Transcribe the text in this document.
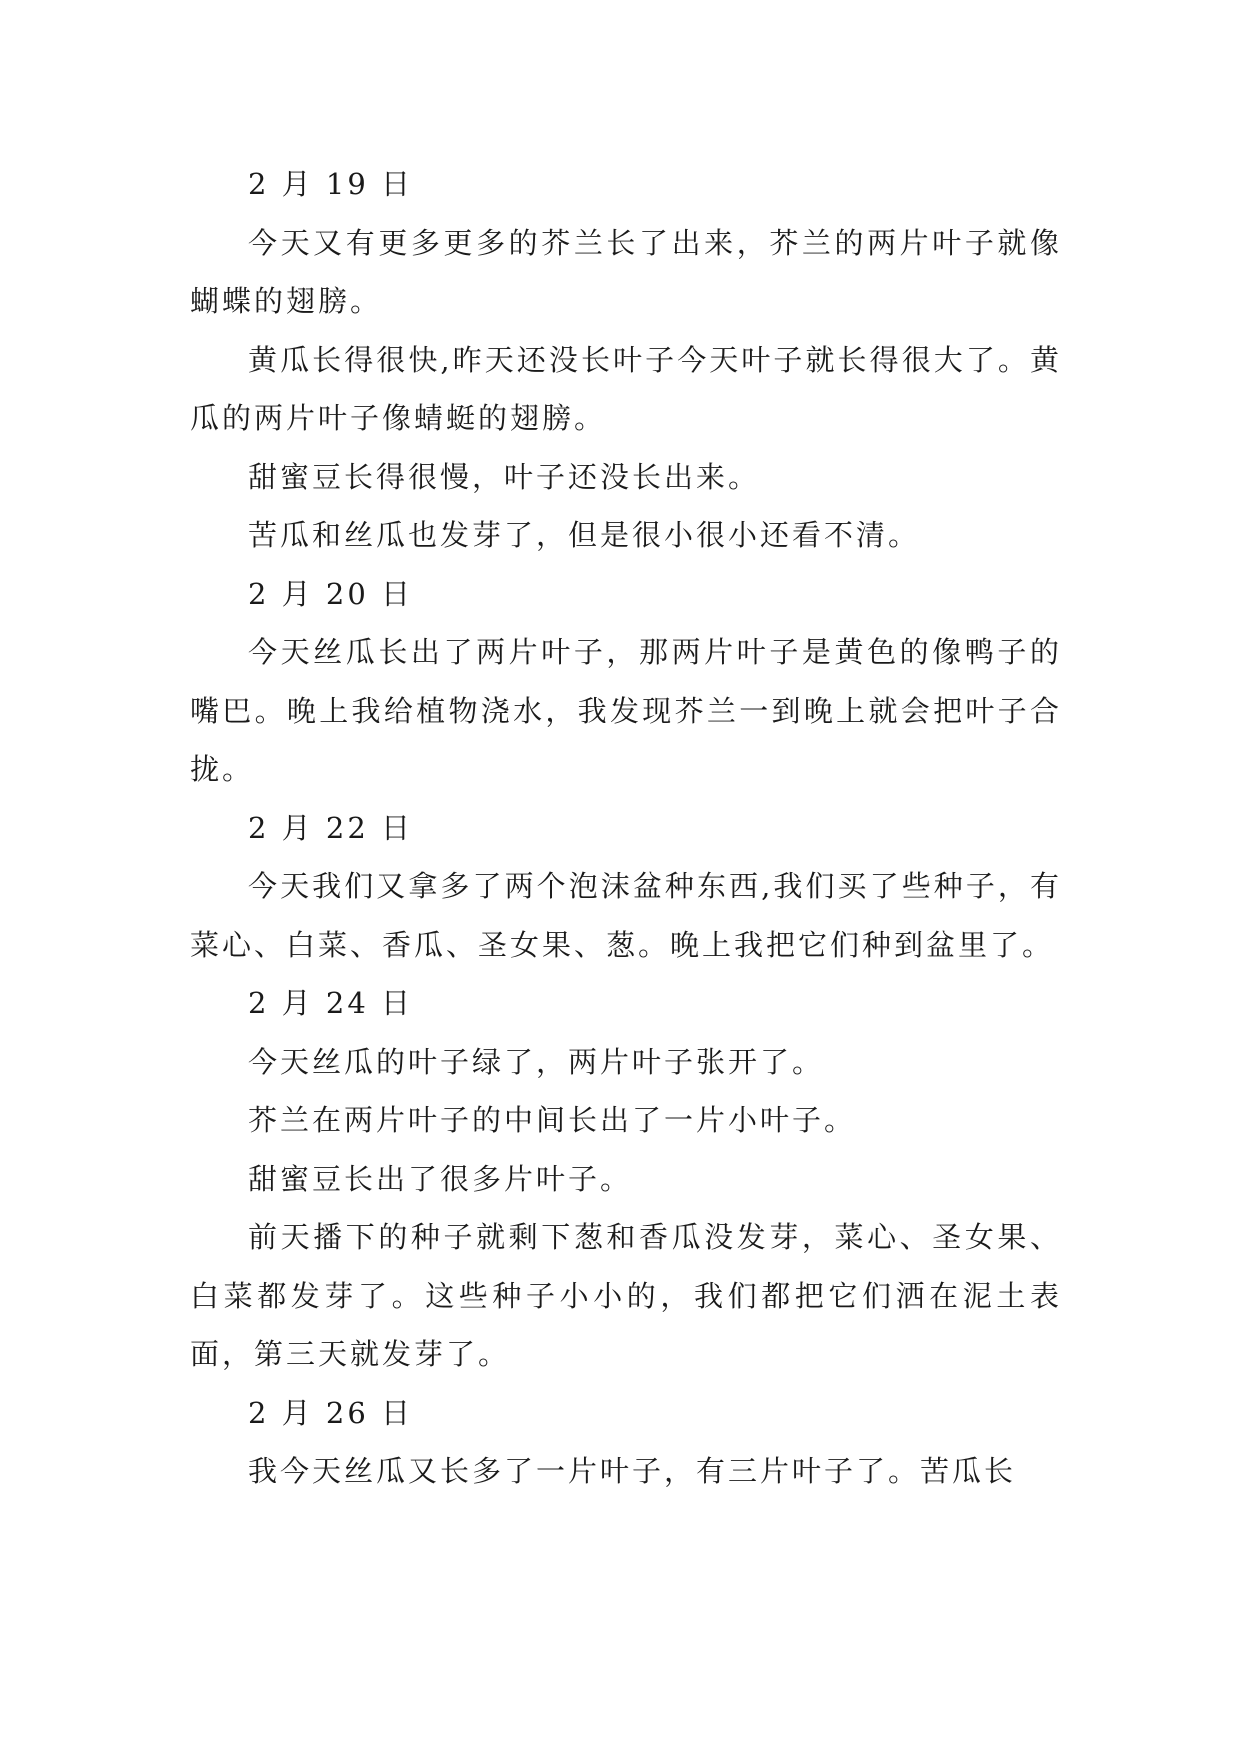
2 月 19 日

今天又有更多更多的芥兰长了出来，芥兰的两片叶子就像蝴蝶的翅膀。

黄瓜长得很快,昨天还没长叶子今天叶子就长得很大了。黄瓜的两片叶子像蜻蜓的翅膀。

甜蜜豆长得很慢，叶子还没长出来。

苦瓜和丝瓜也发芽了，但是很小很小还看不清。

2 月 20 日

今天丝瓜长出了两片叶子，那两片叶子是黄色的像鸭子的嘴巴。晚上我给植物浇水，我发现芥兰一到晚上就会把叶子合拢。

2 月 22 日

今天我们又拿多了两个泡沫盆种东西,我们买了些种子，有菜心、白菜、香瓜、圣女果、葱。晚上我把它们种到盆里了。

2 月 24 日

今天丝瓜的叶子绿了，两片叶子张开了。

芥兰在两片叶子的中间长出了一片小叶子。

甜蜜豆长出了很多片叶子。

前天播下的种子就剩下葱和香瓜没发芽，菜心、圣女果、白菜都发芽了。这些种子小小的，我们都把它们洒在泥土表面，第三天就发芽了。

2 月 26 日

我今天丝瓜又长多了一片叶子，有三片叶子了。苦瓜长
